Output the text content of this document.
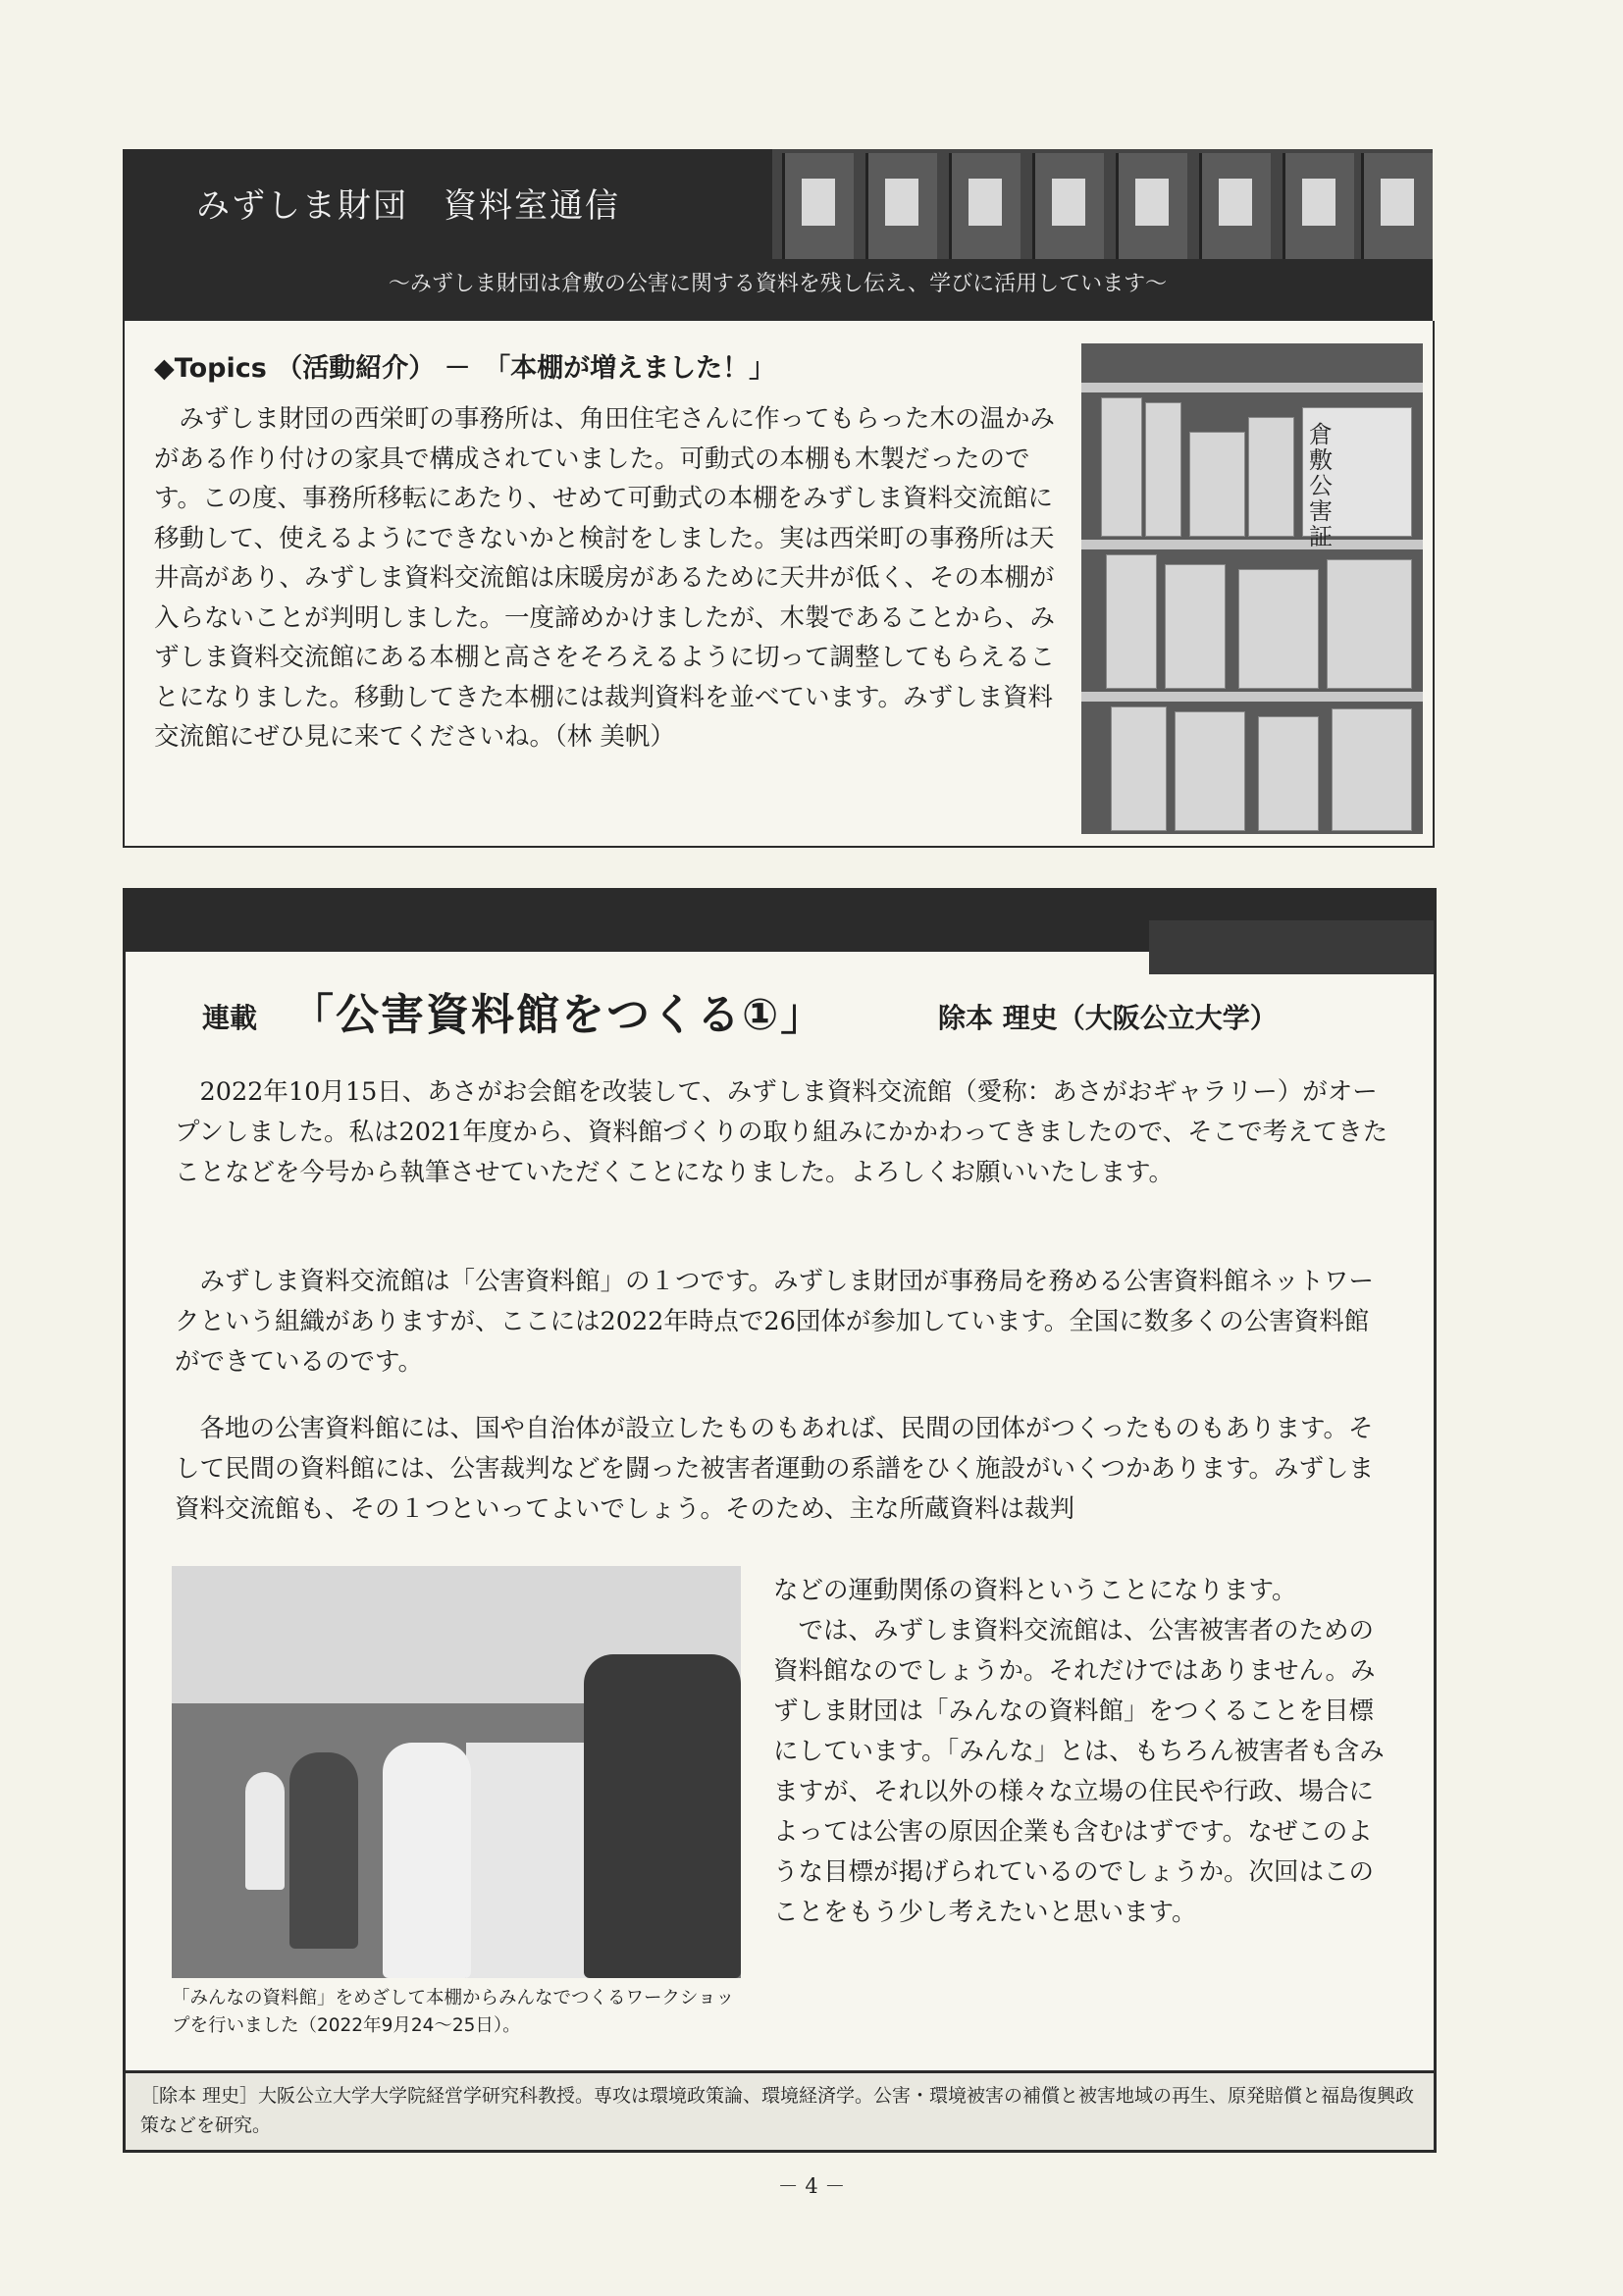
みずしま財団　資料室通信
～みずしま財団は倉敷の公害に関する資料を残し伝え、学びに活用しています～
◆Topics （活動紹介） －　「本棚が増えました！」

みずしま財団の西栄町の事務所は、角田住宅さんに作ってもらった木の温かみがある作り付けの家具で構成されていました。可動式の本棚も木製だったのです。この度、事務所移転にあたり、せめて可動式の本棚をみずしま資料交流館に移動して、使えるようにできないかと検討をしました。実は西栄町の事務所は天井高があり、みずしま資料交流館は床暖房があるために天井が低く、その本棚が入らないことが判明しました。一度諦めかけましたが、木製であることから、みずしま資料交流館にある本棚と高さをそろえるように切って調整してもらえることになりました。移動してきた本棚には裁判資料を並べています。みずしま資料交流館にぜひ見に来てくださいね。（林 美帆）

倉敷公害証
連載 「公害資料館をつくる①」	除本 理史（大阪公立大学）

2022年10月15日、あさがお会館を改装して、みずしま資料交流館（愛称：あさがおギャラリー）がオープンしました。私は2021年度から、資料館づくりの取り組みにかかわってきましたので、そこで考えてきたことなどを今号から執筆させていただくことになりました。よろしくお願いいたします。

みずしま資料交流館は「公害資料館」の１つです。みずしま財団が事務局を務める公害資料館ネットワークという組織がありますが、ここには2022年時点で26団体が参加しています。全国に数多くの公害資料館ができているのです。

各地の公害資料館には、国や自治体が設立したものもあれば、民間の団体がつくったものもあります。そして民間の資料館には、公害裁判などを闘った被害者運動の系譜をひく施設がいくつかあります。みずしま資料交流館も、その１つといってよいでしょう。そのため、主な所蔵資料は裁判

などの運動関係の資料ということになります。

では、みずしま資料交流館は、公害被害者のための資料館なのでしょうか。それだけではありません。みずしま財団は「みんなの資料館」をつくることを目標にしています。「みんな」とは、もちろん被害者も含みますが、それ以外の様々な立場の住民や行政、場合によっては公害の原因企業も含むはずです。なぜこのような目標が掲げられているのでしょうか。次回はこのことをもう少し考えたいと思います。

「みんなの資料館」をめざして本棚からみんなでつくるワークショップを行いました（2022年9月24～25日）。
［除本 理史］大阪公立大学大学院経営学研究科教授。専攻は環境政策論、環境経済学。公害・環境被害の補償と被害地域の再生、原発賠償と福島復興政策などを研究。
－ 4 －
